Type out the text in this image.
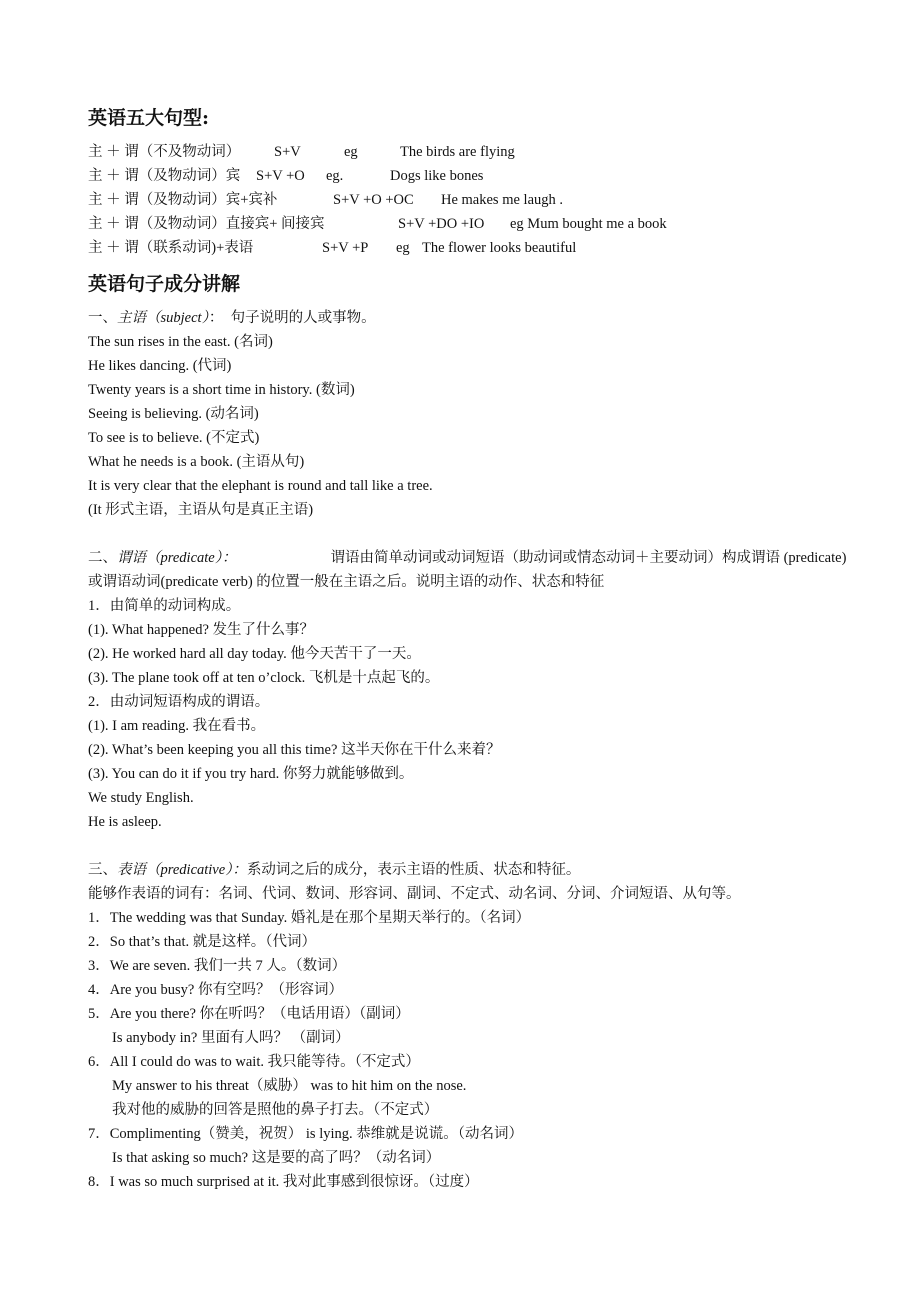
英语五大句型:
主 ＋ 谓（不及物动词） S+V	eg	The birds are flying
主 ＋ 谓（及物动词）宾 S+V +O eg.	Dogs like bones
主 ＋ 谓（及物动词）宾+宾补	S+V +O +OC He makes me laugh .
主 ＋ 谓（及物动词）直接宾+ 间接宾	S+V +DO +IO eg Mum bought me a book
主 ＋ 谓（联系动词)+表语	S+V +P eg The flower looks beautiful
英语句子成分讲解
一、主语（subject）： 句子说明的人或事物。
The sun rises in the east. (名词)
He likes dancing. (代词)
Twenty years is a short time in history. (数词)
Seeing is believing. (动名词)
To see is to believe. (不定式)
What he needs is a book. (主语从句)
It is very clear that the elephant is round and tall like a tree.
(It 形式主语，主语从句是真正主语)
二、谓语（predicate）：	谓语由简单动词或动词短语（助动词或情态动词＋主要动词）构成谓语 (predicate) 或谓语动词(predicate verb) 的位置一般在主语之后。说明主语的动作、状态和特征
1．由简单的动词构成。
(1). What happened? 发生了什么事？
(2). He worked hard all day today. 他今天苦干了一天。
(3). The plane took off at ten o’clock. 飞机是十点起飞的。
2．由动词短语构成的谓语。
(1). I am reading. 我在看书。
(2). What’s been keeping you all this time? 这半天你在干什么来着？
(3). You can do it if you try hard. 你努力就能够做到。
We study English.
He is asleep.
三、表语（predicative）：系动词之后的成分，表示主语的性质、状态和特征。
能够作表语的词有：名词、代词、数词、形容词、副词、不定式、动名词、分词、介词短语、从句等。
1．The wedding was that Sunday. 婚礼是在那个星期天举行的。（名词）
2．So that’s that. 就是这样。（代词）
3．We are seven. 我们一共 7 人。（数词）
4．Are you busy? 你有空吗？（形容词）
5．Are you there? 你在听吗？（电话用语）（副词）
Is anybody in? 里面有人吗？ （副词）
6．All I could do was to wait. 我只能等待。（不定式）
My answer to his threat（威胁） was to hit him on the nose.
我对他的威胁的回答是照他的鼻子打去。（不定式）
7．Complimenting（赞美，祝贺） is lying. 恭维就是说谎。（动名词）
Is that asking so much? 这是要的高了吗？（动名词）
8．I was so much surprised at it. 我对此事感到很惊讶。（过度）
